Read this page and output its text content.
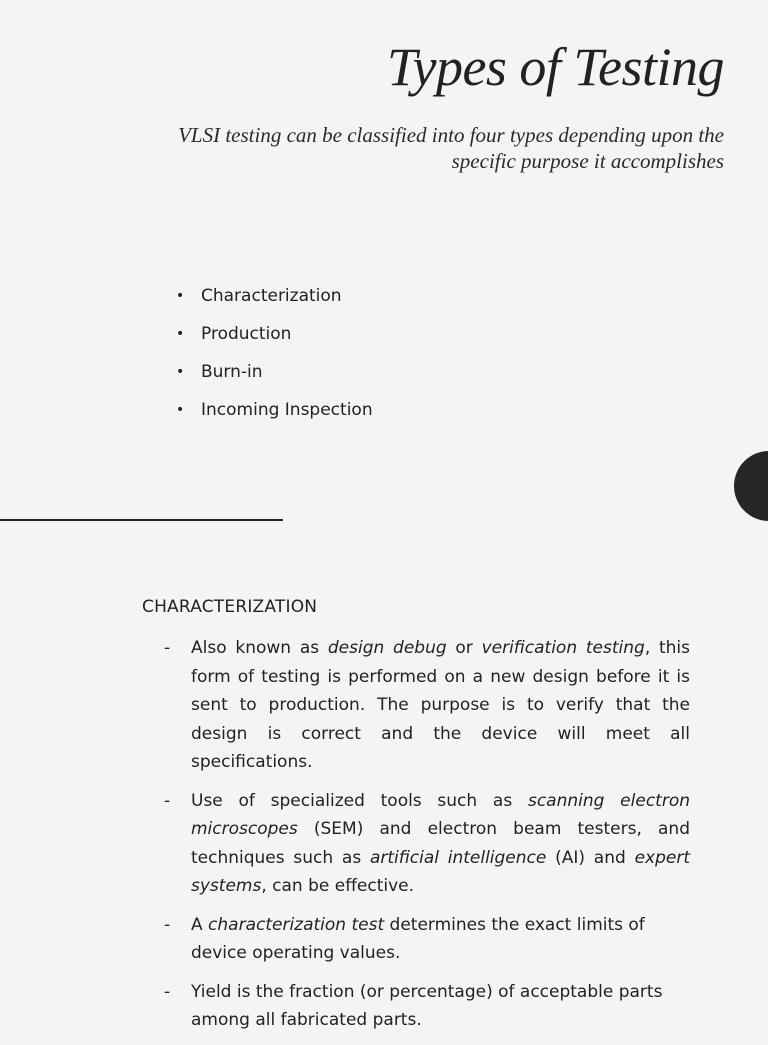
Types of Testing

VLSI testing can be classified into four types depending upon the specific purpose it accomplishes

• Characterization
• Production
• Burn-in
• Incoming Inspection
CHARACTERIZATION
- Also known as design debug or verification testing, this form of testing is performed on a new design before it is sent to production. The purpose is to verify that the design is correct and the device will meet all specifications.
- Use of specialized tools such as scanning electron microscopes (SEM) and electron beam testers, and techniques such as artificial intelligence (AI) and expert systems, can be effective.
- A characterization test determines the exact limits of device operating values.
- Yield is the fraction (or percentage) of acceptable parts among all fabricated parts.
